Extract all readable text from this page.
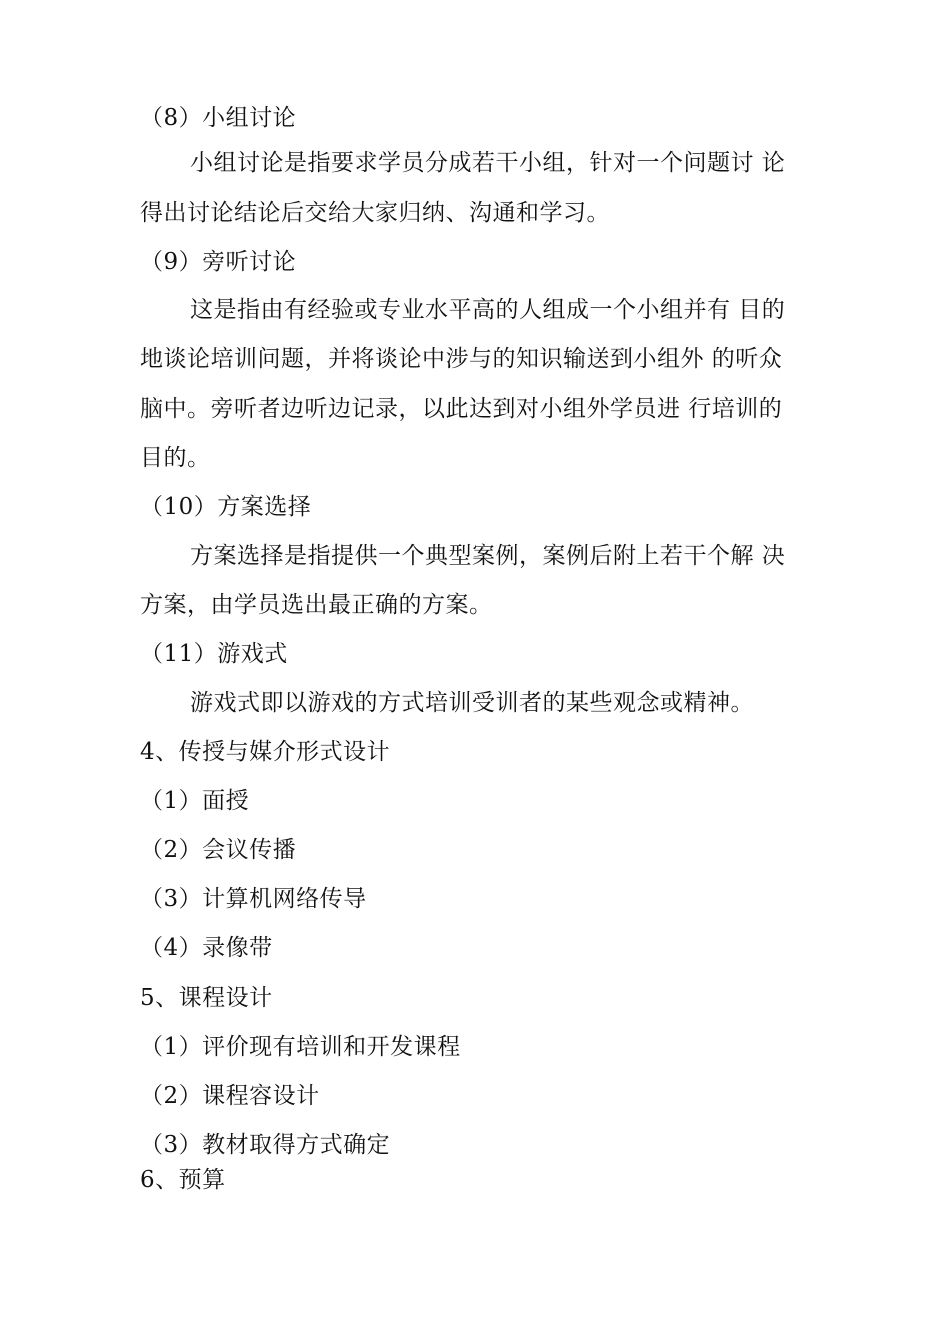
（8）小组讨论
小组讨论是指要求学员分成若干小组，针对一个问题讨 论
得出讨论结论后交给大家归纳、沟通和学习。
（9）旁听讨论
这是指由有经验或专业水平高的人组成一个小组并有 目的
地谈论培训问题，并将谈论中涉与的知识输送到小组外 的听众
脑中。旁听者边听边记录，以此达到对小组外学员进 行培训的
目的。
（10）方案选择
方案选择是指提供一个典型案例，案例后附上若干个解 决
方案，由学员选出最正确的方案。
（11）游戏式
游戏式即以游戏的方式培训受训者的某些观念或精神。
4、传授与媒介形式设计
（1）面授
（2）会议传播
（3）计算机网络传导
（4）录像带
5、课程设计
（1）评价现有培训和开发课程
（2）课程容设计
（3）教材取得方式确定
6、预算
